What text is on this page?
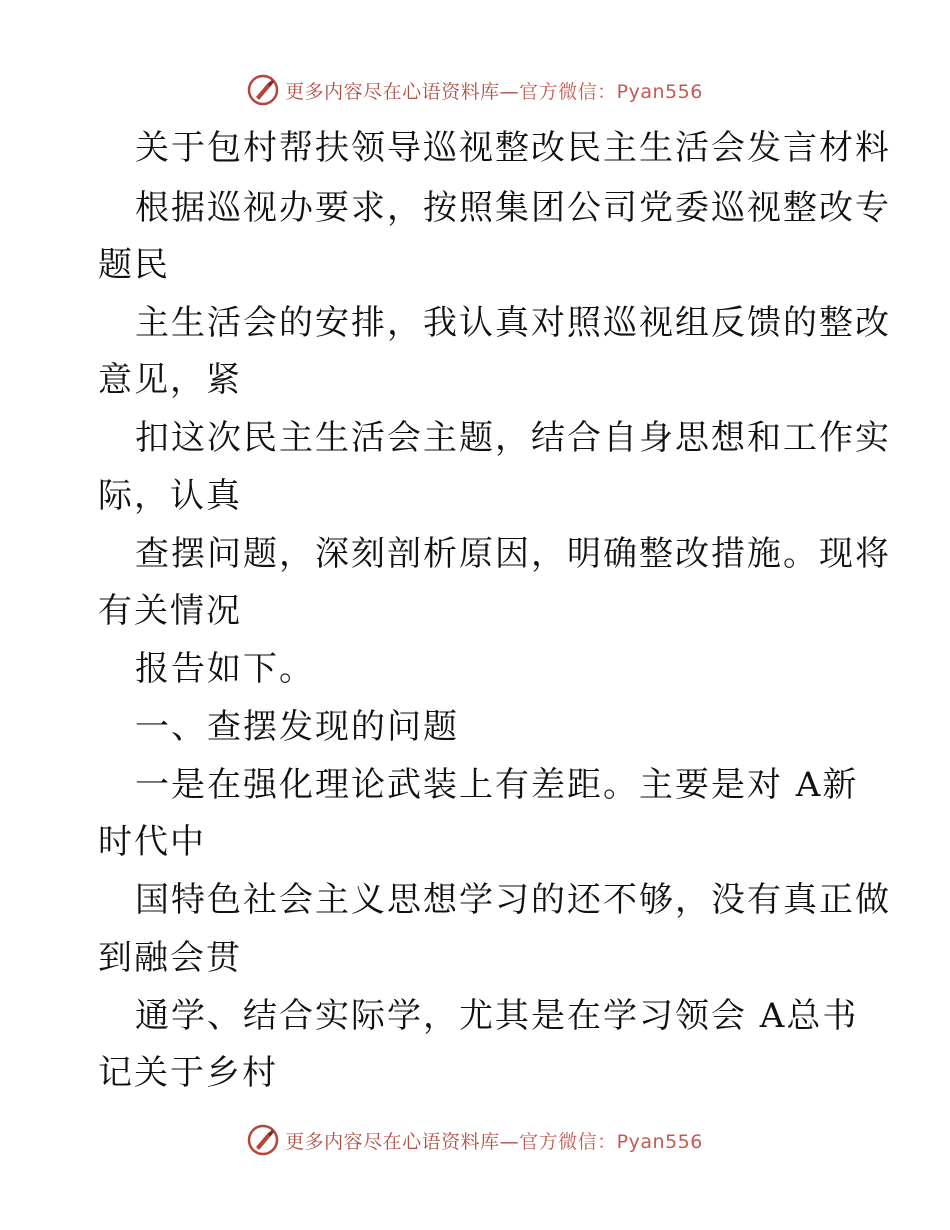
更多内容尽在心语资料库—官方微信：Pyan556
关于包村帮扶领导巡视整改民主生活会发言材料
根据巡视办要求，按照集团公司党委巡视整改专
题民
主生活会的安排，我认真对照巡视组反馈的整改
意见，紧
扣这次民主生活会主题，结合自身思想和工作实
际，认真
查摆问题，深刻剖析原因，明确整改措施。现将
有关情况
报告如下。
一、查摆发现的问题
一是在强化理论武装上有差距。主要是对 A新
时代中
国特色社会主义思想学习的还不够，没有真正做
到融会贯
通学、结合实际学，尤其是在学习领会 A总书
记关于乡村
更多内容尽在心语资料库—官方微信：Pyan556
